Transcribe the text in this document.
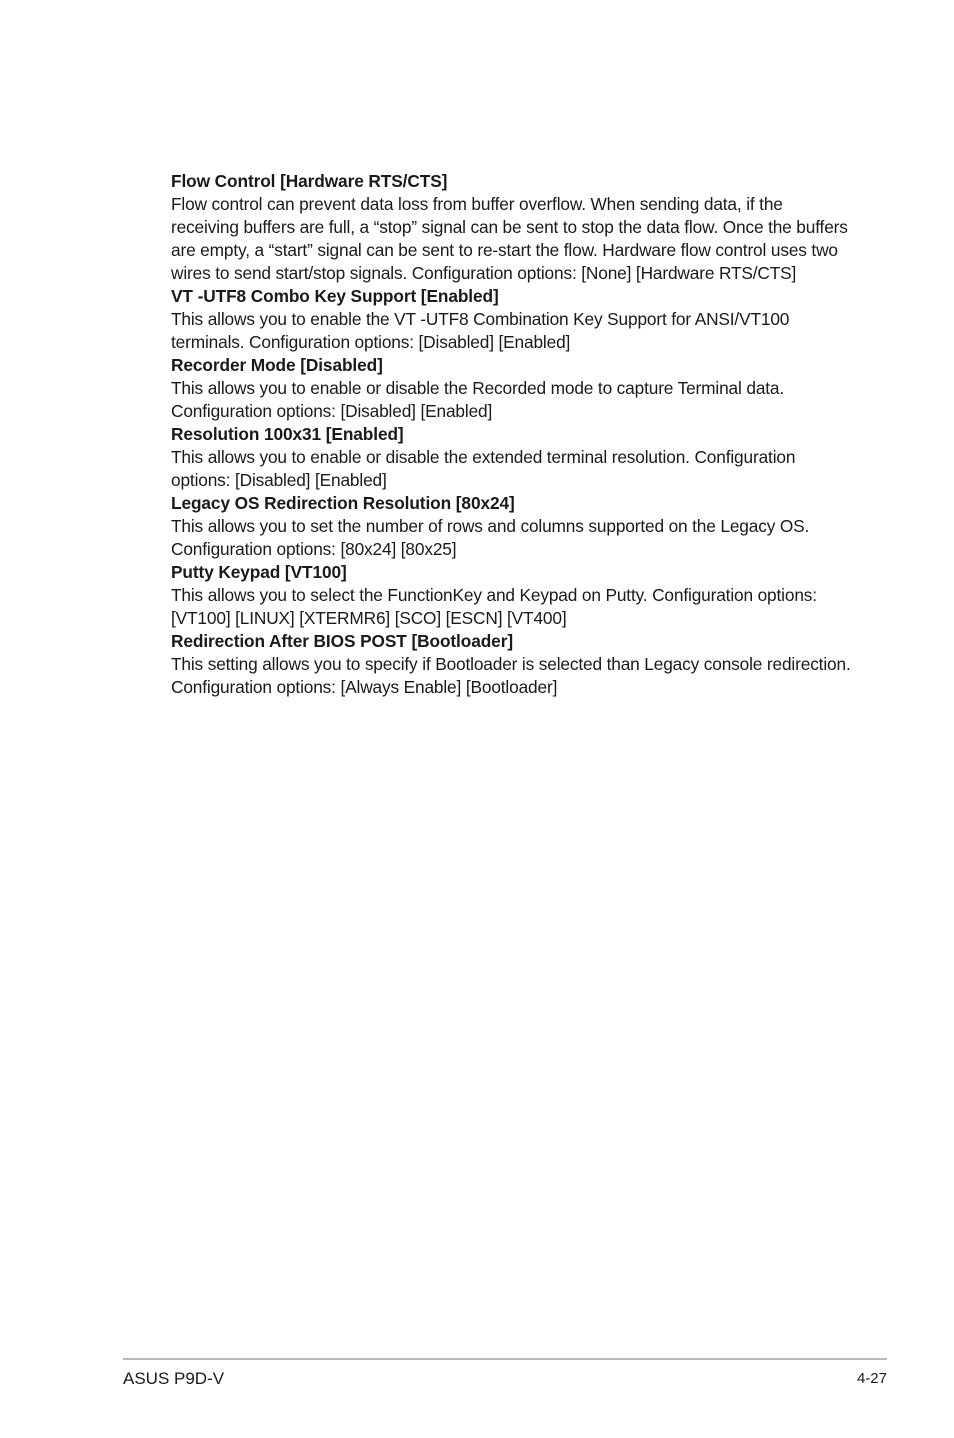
Flow Control [Hardware RTS/CTS]

Flow control can prevent data loss from buffer overflow. When sending data, if the receiving buffers are full, a “stop” signal can be sent to stop the data flow. Once the buffers are empty, a “start” signal can be sent to re-start the flow. Hardware flow control uses two wires to send start/stop signals. Configuration options: [None] [Hardware RTS/CTS]

VT -UTF8 Combo Key Support [Enabled]

This allows you to enable the VT -UTF8 Combination Key Support for ANSI/VT100 terminals. Configuration options: [Disabled] [Enabled]

Recorder Mode [Disabled]

This allows you to enable or disable the Recorded mode to capture Terminal data. Configuration options: [Disabled] [Enabled]

Resolution 100x31 [Enabled]

This allows you to enable or disable the extended terminal resolution. Configuration options: [Disabled] [Enabled]

Legacy OS Redirection Resolution [80x24]

This allows you to set the number of rows and columns supported on the Legacy OS. Configuration options: [80x24] [80x25]

Putty Keypad [VT100]

This allows you to select the FunctionKey and Keypad on Putty. Configuration options: [VT100] [LINUX] [XTERMR6] [SCO] [ESCN] [VT400]

Redirection After BIOS POST [Bootloader]

This setting allows you to specify if Bootloader is selected than Legacy console redirection. Configuration options: [Always Enable] [Bootloader]

ASUS P9D-V	4-27
